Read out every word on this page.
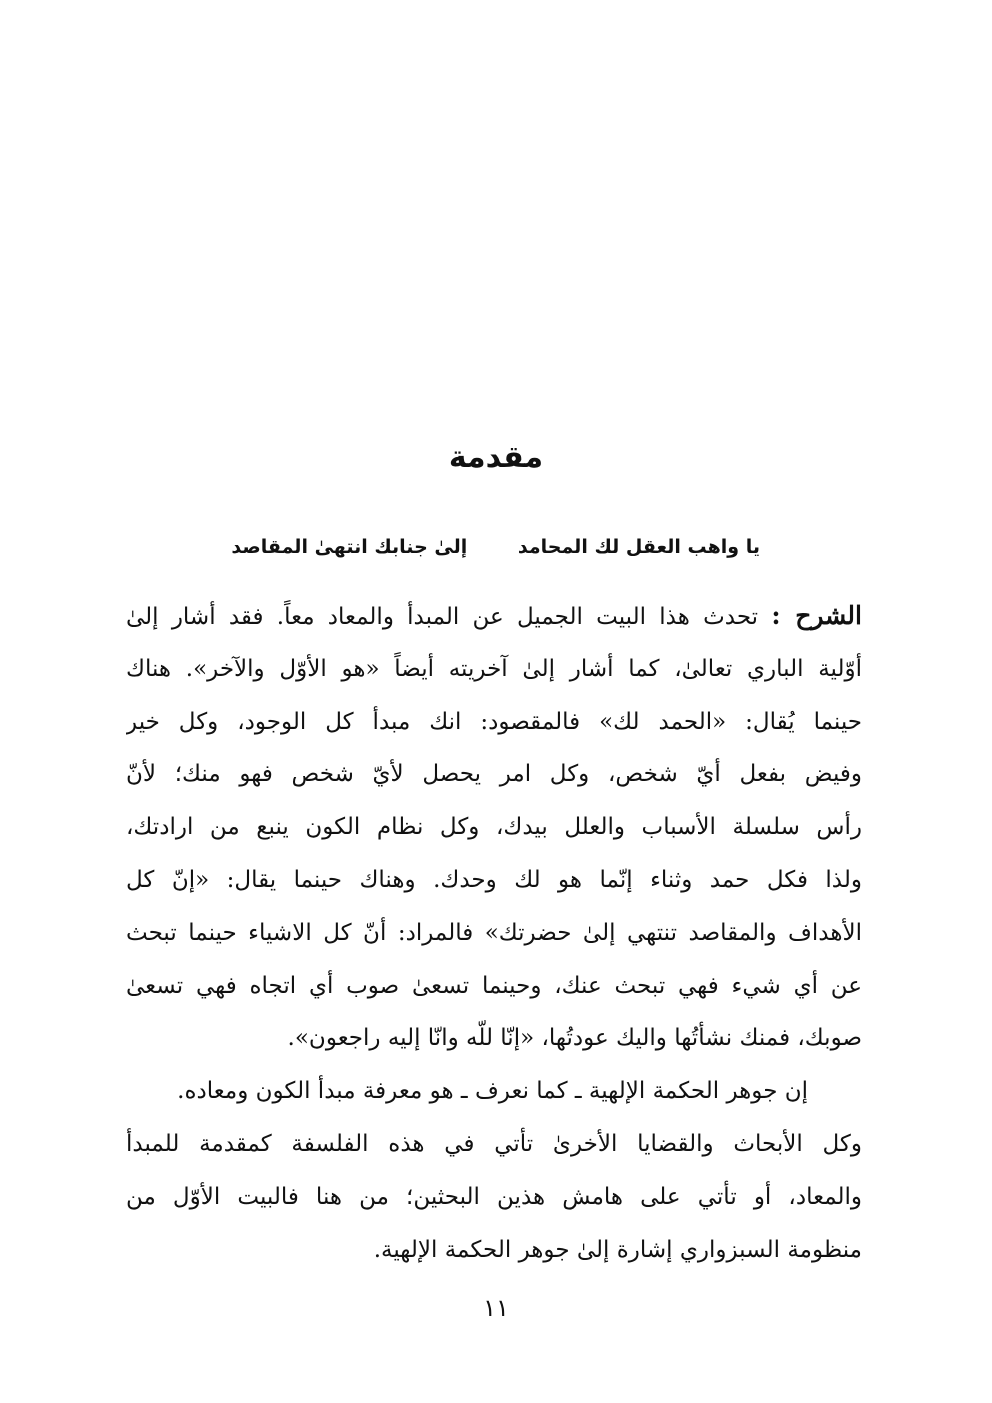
مقدمة
يا واهب العقل لك المحامد إلىٰ جنابك انتهىٰ المقاصد
الشرح : تحدث هذا البيت الجميل عن المبدأ والمعاد معاً. فقد أشار إلىٰ
أوّلية الباري تعالىٰ، كما أشار إلىٰ آخريته أيضاً «هو الأوّل والآخر». هناك
حينما يُقال: «الحمد لك» فالمقصود: انك مبدأ كل الوجود، وكل خير
وفيض بفعل أيّ شخص، وكل امر يحصل لأيّ شخص فهو منك؛ لأنّ
رأس سلسلة الأسباب والعلل بيدك، وكل نظام الكون ينبع من ارادتك،
ولذا فكل حمد وثناء إنّما هو لك وحدك. وهناك حينما يقال: «إنّ كل
الأهداف والمقاصد تنتهي إلىٰ حضرتك» فالمراد: أنّ كل الاشياء حينما تبحث
عن أي شيء فهي تبحث عنك، وحينما تسعىٰ صوب أي اتجاه فهي تسعىٰ
صوبك، فمنك نشأتُها واليك عودتُها، «إنّا للّه وانّا إليه راجعون».
إن جوهر الحكمة الإلهية ـ كما نعرف ـ هو معرفة مبدأ الكون ومعاده.
وكل الأبحاث والقضايا الأخرىٰ تأتي في هذه الفلسفة كمقدمة للمبدأ
والمعاد، أو تأتي على هامش هذين البحثين؛ من هنا فالبيت الأوّل من
منظومة السبزواري إشارة إلىٰ جوهر الحكمة الإلهية.
١١
